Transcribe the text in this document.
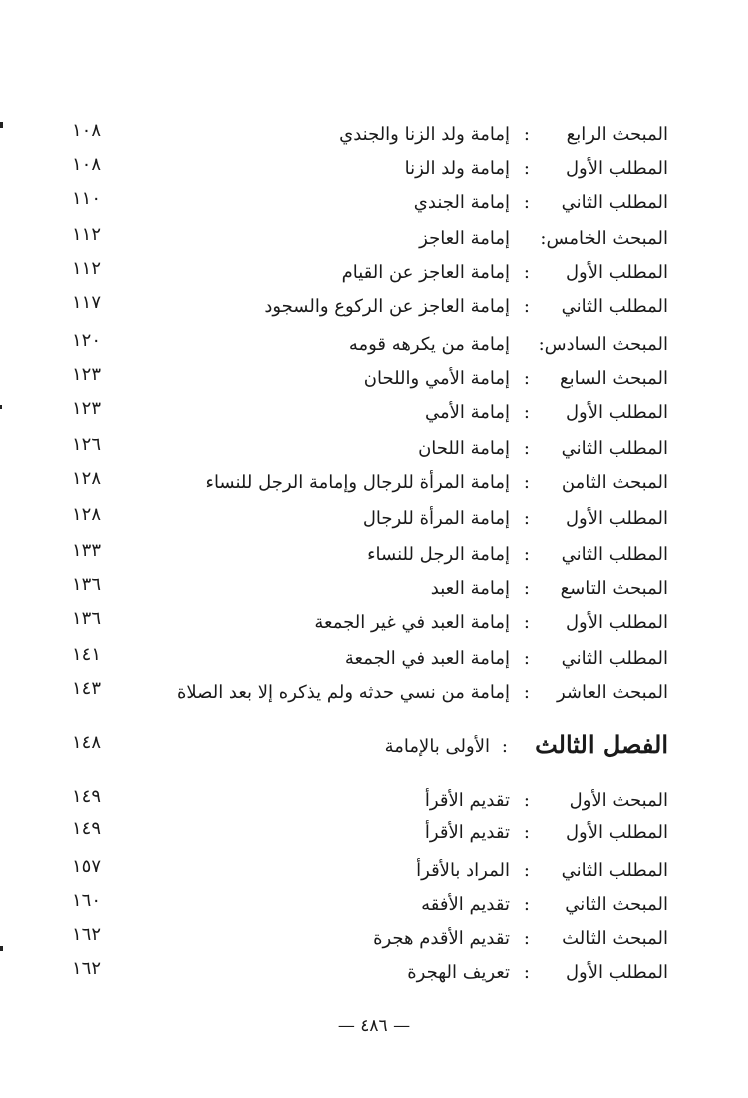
المبحث الرابع
:
إمامة ولد الزنا والجندي
١٠٨
المطلب الأول
:
إمامة ولد الزنا
١٠٨
المطلب الثاني
:
إمامة الجندي
١١٠
المبحث الخامس:
إمامة العاجز
١١٢
المطلب الأول
:
إمامة العاجز عن القيام
١١٢
المطلب الثاني
:
إمامة العاجز عن الركوع والسجود
١١٧
المبحث السادس:
إمامة من يكرهه قومه
١٢٠
المبحث السابع
:
إمامة الأمي واللحان
١٢٣
المطلب الأول
:
إمامة الأمي
١٢٣
المطلب الثاني
:
إمامة اللحان
١٢٦
المبحث الثامن
:
إمامة المرأة للرجال وإمامة الرجل للنساء
١٢٨
المطلب الأول
:
إمامة المرأة للرجال
١٢٨
المطلب الثاني
:
إمامة الرجل للنساء
١٣٣
المبحث التاسع
:
إمامة العبد
١٣٦
المطلب الأول
:
إمامة العبد في غير الجمعة
١٣٦
المطلب الثاني
:
إمامة العبد في الجمعة
١٤١
المبحث العاشر
:
إمامة من نسي حدثه ولم يذكره إلا بعد الصلاة
١٤٣
الفصل الثالث
:
الأولى بالإمامة
١٤٨
المبحث الأول
:
تقديم الأقرأ
١٤٩
المطلب الأول
:
تقديم الأقرأ
١٤٩
المطلب الثاني
:
المراد بالأقرأ
١٥٧
المبحث الثاني
:
تقديم الأفقه
١٦٠
المبحث الثالث
:
تقديم الأقدم هجرة
١٦٢
المطلب الأول
:
تعريف الهجرة
١٦٢
— ٤٨٦ —
